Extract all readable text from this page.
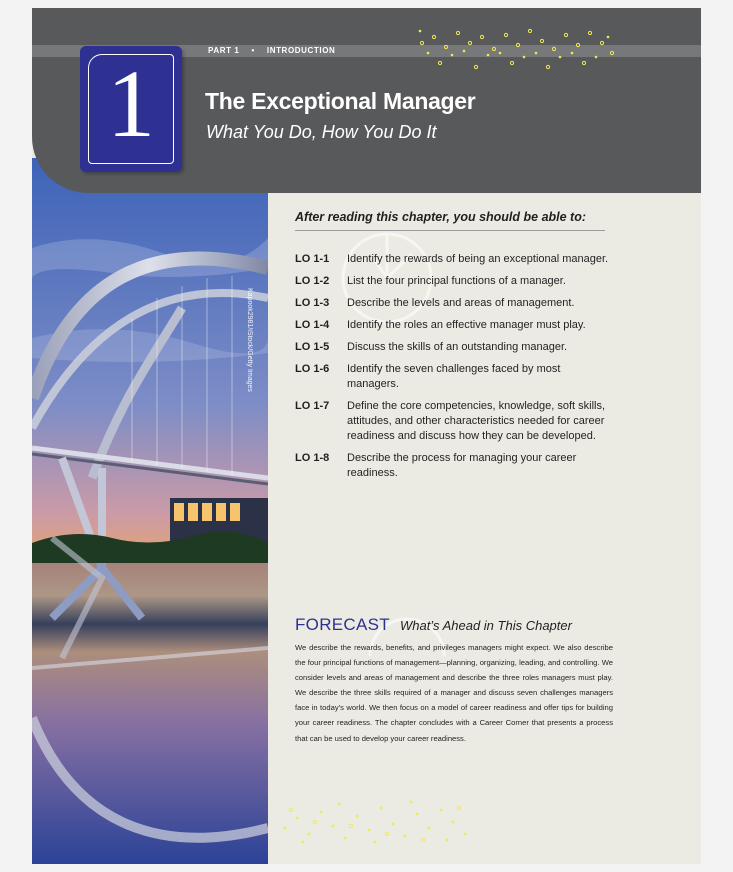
Kapook2981/iStock/Getty Images
PART 1 • INTRODUCTION
1	The Exceptional Manager
What You Do, How You Do It
After reading this chapter, you should be able to:
LO 1-1 Identify the rewards of being an exceptional manager.
LO 1-2 List the four principal functions of a manager.
LO 1-3 Describe the levels and areas of management.
LO 1-4 Identify the roles an effective manager must play.
LO 1-5 Discuss the skills of an outstanding manager.
LO 1-6 Identify the seven challenges faced by most managers.
LO 1-7 Define the core competencies, knowledge, soft skills, attitudes, and other characteristics needed for career readiness and discuss how they can be developed.
LO 1-8 Describe the process for managing your career readiness.
FORECAST What’s Ahead in This Chapter
We describe the rewards, benefits, and privileges managers might expect. We also describe the four principal functions of management—planning, organizing, leading, and controlling. We consider levels and areas of management and describe the three roles managers must play. We describe the three skills required of a manager and discuss seven challenges managers face in today’s world. We then focus on a model of career readiness and offer tips for building your career readiness. The chapter concludes with a Career Corner that presents a process that can be used to develop your career readiness.
